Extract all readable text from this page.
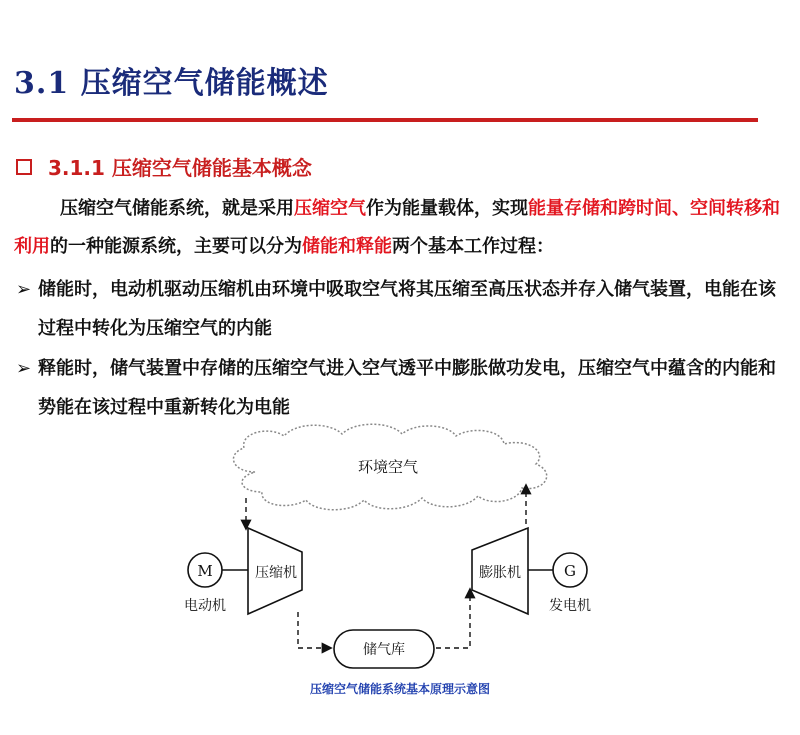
3.1 压缩空气储能概述
3.1.1 压缩空气储能基本概念

压缩空气储能系统，就是采用压缩空气作为能量载体，实现能量存储和跨时间、空间转移和利用的一种能源系统，主要可以分为储能和释能两个基本工作过程：

➢ 储能时，电动机驱动压缩机由环境中吸取空气将其压缩至高压状态并存入储气装置，电能在该过程中转化为压缩空气的内能

➢ 释能时，储气装置中存储的压缩空气进入空气透平中膨胀做功发电，压缩空气中蕴含的内能和势能在该过程中重新转化为电能

环境空气
压缩机	膨胀机
M
电动机
G
发电机
储气库
压缩空气储能系统基本原理示意图
